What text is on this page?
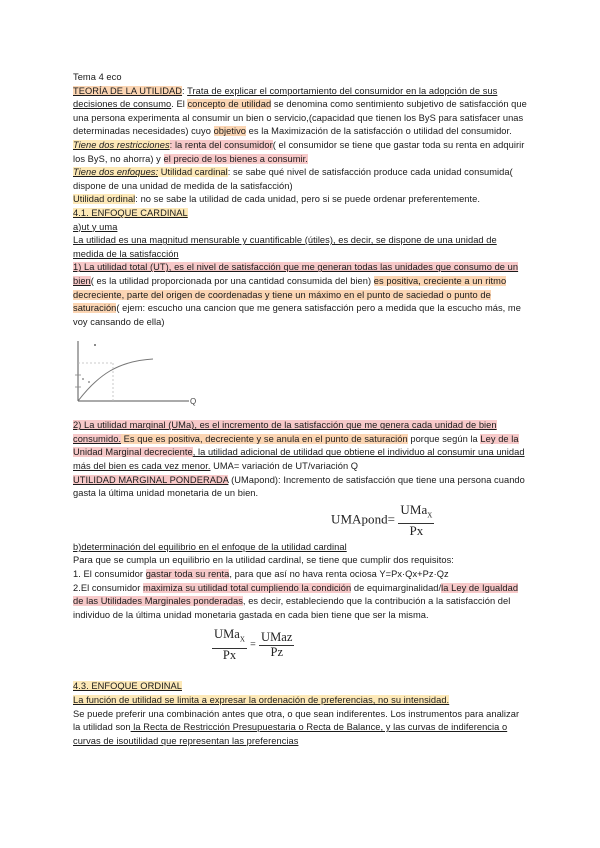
Tema 4 eco

TEORÍA DE LA UTILIDAD: Trata de explicar el comportamiento del consumidor en la adopción de sus decisiones de consumo. El concepto de utilidad se denomina como sentimiento subjetivo de satisfacción que una persona experimenta al consumir un bien o servicio,(capacidad que tienen los ByS para satisfacer unas determinadas necesidades) cuyo objetivo es la Maximización de la satisfacción o utilidad del consumidor.

Tiene dos restricciones: la renta del consumidor( el consumidor se tiene que gastar toda su renta en adquirir los ByS, no ahorra) y el precio de los bienes a consumir.

Tiene dos enfoques: Utilidad cardinal: se sabe qué nivel de satisfacción produce cada unidad consumida( dispone de una unidad de medida de la satisfacción)

Utilidad ordinal: no se sabe la utilidad de cada unidad, pero si se puede ordenar preferentemente.

4.1. ENFOQUE CARDINAL

a)ut y uma

La utilidad es una magnitud mensurable y cuantificable (útiles), es decir, se dispone de una unidad de medida de la satisfacción

1) La utilidad total (UT), es el nivel de satisfacción que me generan todas las unidades que consumo de un bien( es la utilidad proporcionada por una cantidad consumida del bien) es positiva, creciente a un ritmo decreciente, parte del origen de coordenadas y tiene un máximo en el punto de saciedad o punto de saturación( ejem: escucho una cancion que me genera satisfacción pero a medida que la escucho más, me voy cansando de ella)

Q

2) La utilidad marginal (UMa), es el incremento de la satisfacción que me genera cada unidad de bien consumido. Es que es positiva, decreciente y se anula en el punto de saturación porque según la Ley de la Unidad Marginal decreciente, la utilidad adicional de utilidad que obtiene el individuo al consumir una unidad más del bien es cada vez menor. UMA= variación de UT/variación Q

UTILIDAD MARGINAL PONDERADA (UMapond): Incremento de satisfacción que tiene una persona cuando gasta la última unidad monetaria de un bien.

UMApond= $\frac{UMa_X}{Px}$

b)determinación del equilibrio en el enfoque de la utilidad cardinal

Para que se cumpla un equilibrio en la utilidad cardinal, se tiene que cumplir dos requisitos:

1. El consumidor gastar toda su renta, para que así no hava renta ociosa Y=Px·Qx+Pz·Qz

2.El consumidor maximiza su utilidad total cumpliendo la condición de equimarginalidad/la Ley de Igualdad de las Utilidades Marginales ponderadas, es decir, estableciendo que la contribución a la satisfacción del individuo de la última unidad monetaria gastada en cada bien tiene que ser la misma.

$\frac{UMa_X}{Px} = \frac{\text{UMaz}}{Pz}$

4.3. ENFOQUE ORDINAL

La función de utilidad se limita a expresar la ordenación de preferencias, no su intensidad.

Se puede preferir una combinación antes que otra, o que sean indiferentes. Los instrumentos para analizar la utilidad son la Recta de Restricción Presupuestaria o Recta de Balance, y las curvas de indiferencia o curvas de isoutilidad que representan las preferencias
